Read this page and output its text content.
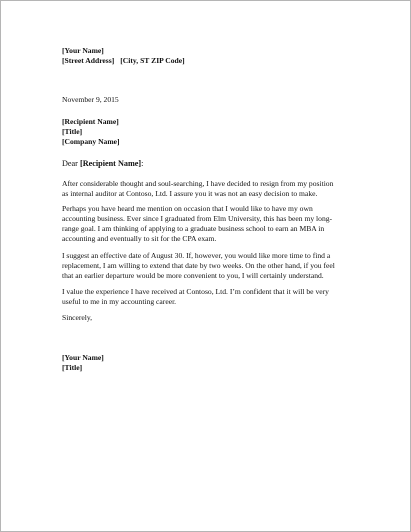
[Your Name]
[Street Address] [City, ST ZIP Code]
November 9, 2015
[Recipient Name]
[Title]
[Company Name]
Dear [Recipient Name]:

After considerable thought and soul-searching, I have decided to resign from my position
as internal auditor at Contoso, Ltd. I assure you it was not an easy decision to make.

Perhaps you have heard me mention on occasion that I would like to have my own
accounting business. Ever since I graduated from Elm University, this has been my long-
range goal. I am thinking of applying to a graduate business school to earn an MBA in
accounting and eventually to sit for the CPA exam.

I suggest an effective date of August 30. If, however, you would like more time to find a
replacement, I am willing to extend that date by two weeks. On the other hand, if you feel
that an earlier departure would be more convenient to you, I will certainly understand.

I value the experience I have received at Contoso, Ltd. I’m confident that it will be very
useful to me in my accounting career.

Sincerely,
[Your Name]
[Title]
